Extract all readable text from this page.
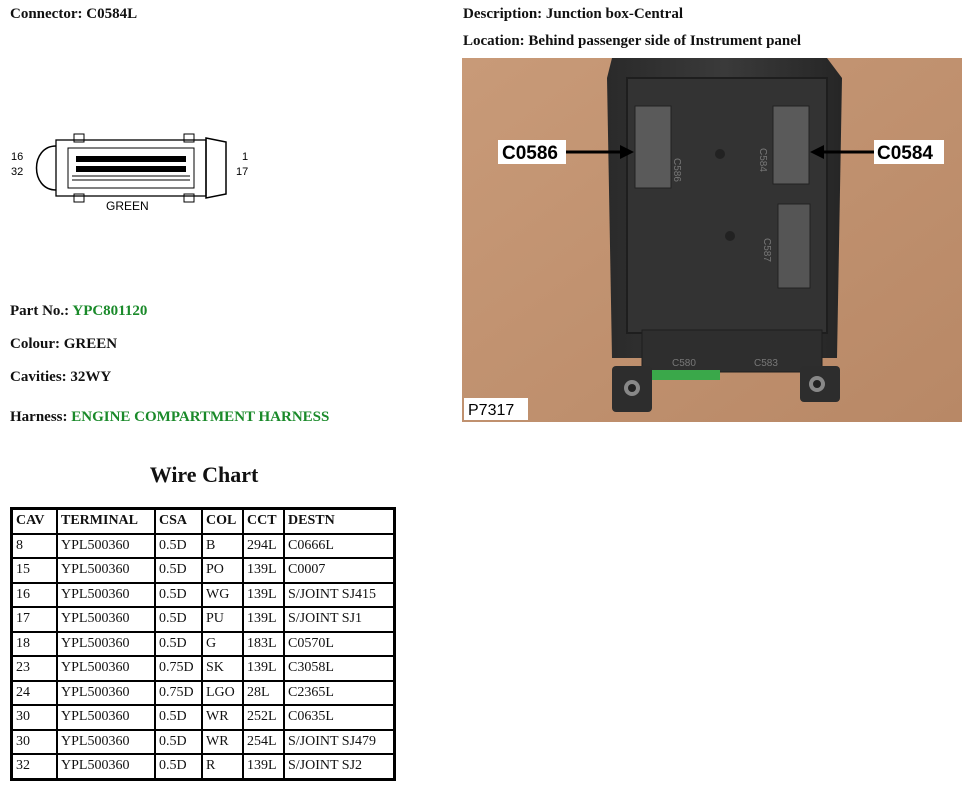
Connector: C0584L	Description: Junction box-Central
Location: Behind passenger side of Instrument panel
16
32
1
17
GREEN
C586	C584
C587
C580	C583
C0586	C0584
P7317
Part No.: YPC801120
Colour: GREEN
Cavities: 32WY
Harness: ENGINE COMPARTMENT HARNESS
Wire Chart
CAV	TERMINAL	CSA	COL	CCT	DESTN
8	YPL500360	0.5D	B	294L	C0666L
15	YPL500360	0.5D	PO	139L	C0007
16	YPL500360	0.5D	WG	139L	S/JOINT SJ415
17	YPL500360	0.5D	PU	139L	S/JOINT SJ1
18	YPL500360	0.5D	G	183L	C0570L
23	YPL500360	0.75D	SK	139L	C3058L
24	YPL500360	0.75D	LGO	28L	C2365L
30	YPL500360	0.5D	WR	252L	C0635L
30	YPL500360	0.5D	WR	254L	S/JOINT SJ479
32	YPL500360	0.5D	R	139L	S/JOINT SJ2
